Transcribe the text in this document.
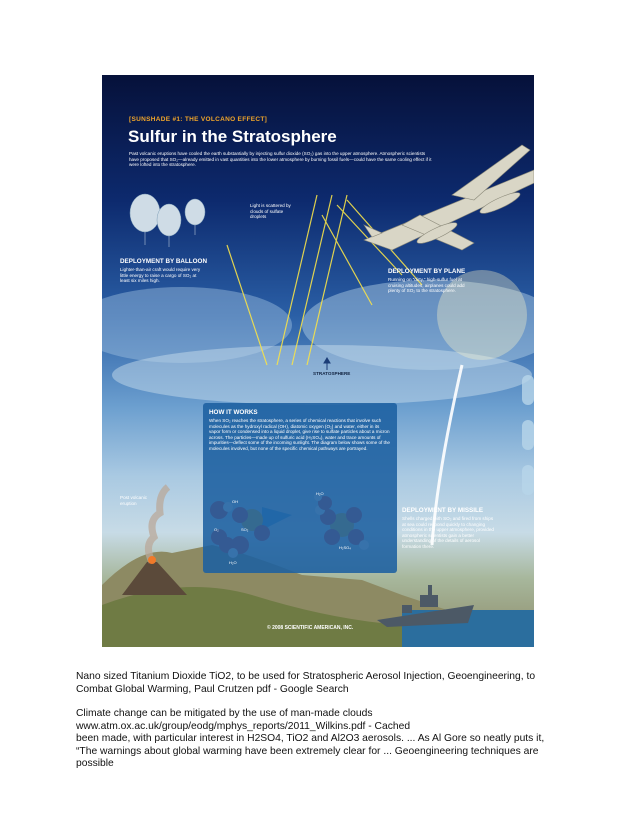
[SUNSHADE #1: THE VOLCANO EFFECT]
Sulfur in the Stratosphere
Past volcanic eruptions have cooled the earth substantially by injecting sulfur dioxide (SO₂) gas into the upper atmosphere. Atmospheric scientists have proposed that SO₂—already emitted in vast quantities into the lower atmosphere by burning fossil fuels—could have the same cooling effect if it were lofted into the stratosphere.
Light is scattered by clouds of sulfate droplets
DEPLOYMENT BY BALLOON
Lighter-than-air craft would require very little energy to raise a cargo of SO₂ at least six miles high.
DEPLOYMENT BY PLANE
Running on “dirty,” high-sulfur fuel at cruising altitudes, airplanes could add plenty of SO₂ to the stratosphere.
STRATOSPHERE
HOW IT WORKS
When SO₂ reaches the stratosphere, a series of chemical reactions that involve such molecules as the hydroxyl radical (OH), diatomic oxygen (O₂) and water, either in its vapor form or condensed into a liquid droplet, give rise to sulfate particles about a micron across. The particles—made up of sulfuric acid (H₂SO₄), water and trace amounts of impurities—deflect some of the incoming sunlight. The diagram below shows some of the molecules involved, but none of the specific chemical pathways are portrayed.
OH
SO₂
O₂
H₂O
H₂O
H₂SO₄
Post volcanic eruption
DEPLOYMENT BY MISSILE
Shells charged with SO₂ and fired from ships at sea could respond quickly to changing conditions in the upper atmosphere, provided atmospheric scientists gain a better understanding of the details of aerosol formation there.
© 2008 SCIENTIFIC AMERICAN, INC.

Nano sized Titanium Dioxide TiO2, to be used for Stratospheric Aerosol Injection, Geoengineering, to Combat Global Warming, Paul Crutzen pdf - Google Search

Climate change can be mitigated by the use of man-made clouds
www.atm.ox.ac.uk/group/eodg/mphys_reports/2011_Wilkins.pdf - Cached
been made, with particular interest in H2SO4, TiO2 and Al2O3 aerosols. ... As Al Gore so neatly puts it, “The warnings about global warming have been extremely clear for ... Geoengineering techniques are possible
